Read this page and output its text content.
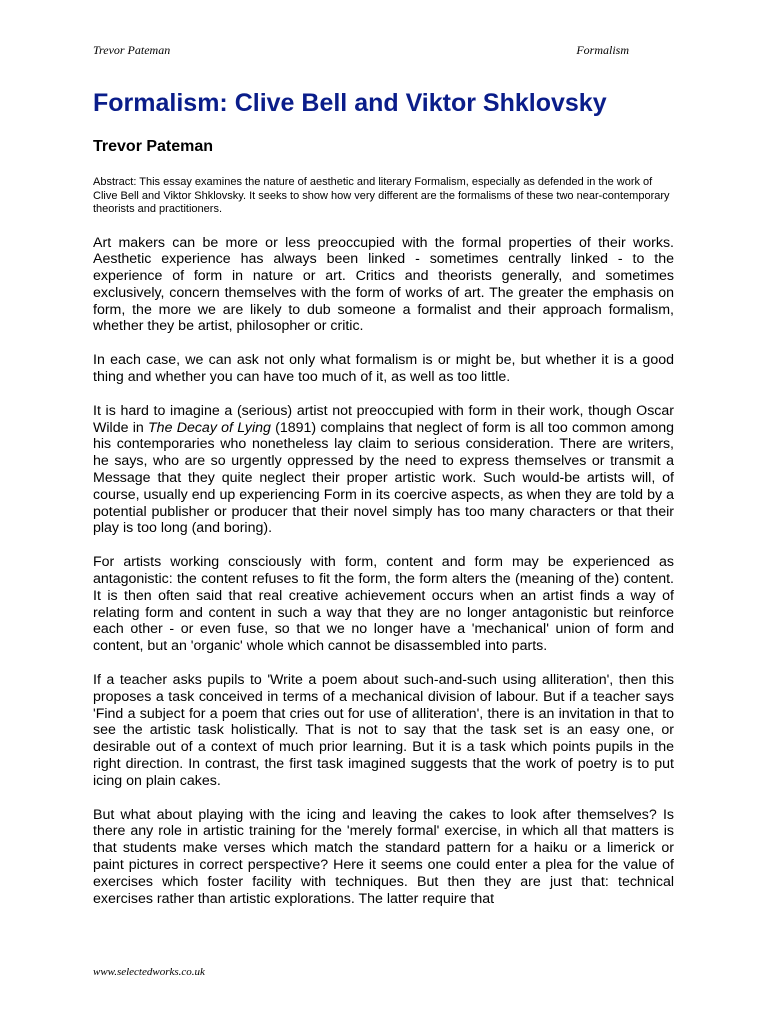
Trevor Pateman	Formalism
Formalism: Clive Bell and Viktor Shklovsky
Trevor Pateman

Abstract: This essay examines the nature of aesthetic and literary Formalism, especially as defended in the work of Clive Bell and Viktor Shklovsky. It seeks to show how very different are the formalisms of these two near-contemporary theorists and practitioners.

Art makers can be more or less preoccupied with the formal properties of their works. Aesthetic experience has always been linked - sometimes centrally linked - to the experience of form in nature or art. Critics and theorists generally, and sometimes exclusively, concern themselves with the form of works of art. The greater the emphasis on form, the more we are likely to dub someone a formalist and their approach formalism, whether they be artist, philosopher or critic.

In each case, we can ask not only what formalism is or might be, but whether it is a good thing and whether you can have too much of it, as well as too little.

It is hard to imagine a (serious) artist not preoccupied with form in their work, though Oscar Wilde in The Decay of Lying (1891) complains that neglect of form is all too common among his contemporaries who nonetheless lay claim to serious consideration. There are writers, he says, who are so urgently oppressed by the need to express themselves or transmit a Message that they quite neglect their proper artistic work. Such would-be artists will, of course, usually end up experiencing Form in its coercive aspects, as when they are told by a potential publisher or producer that their novel simply has too many characters or that their play is too long (and boring).

For artists working consciously with form, content and form may be experienced as antagonistic: the content refuses to fit the form, the form alters the (meaning of the) content. It is then often said that real creative achievement occurs when an artist finds a way of relating form and content in such a way that they are no longer antagonistic but reinforce each other - or even fuse, so that we no longer have a 'mechanical' union of form and content, but an 'organic' whole which cannot be disassembled into parts.

If a teacher asks pupils to 'Write a poem about such-and-such using alliteration', then this proposes a task conceived in terms of a mechanical division of labour. But if a teacher says 'Find a subject for a poem that cries out for use of alliteration', there is an invitation in that to see the artistic task holistically. That is not to say that the task set is an easy one, or desirable out of a context of much prior learning. But it is a task which points pupils in the right direction. In contrast, the first task imagined suggests that the work of poetry is to put icing on plain cakes.

But what about playing with the icing and leaving the cakes to look after themselves? Is there any role in artistic training for the 'merely formal' exercise, in which all that matters is that students make verses which match the standard pattern for a haiku or a limerick or paint pictures in correct perspective? Here it seems one could enter a plea for the value of exercises which foster facility with techniques. But then they are just that: technical exercises rather than artistic explorations. The latter require that

www.selectedworks.co.uk
